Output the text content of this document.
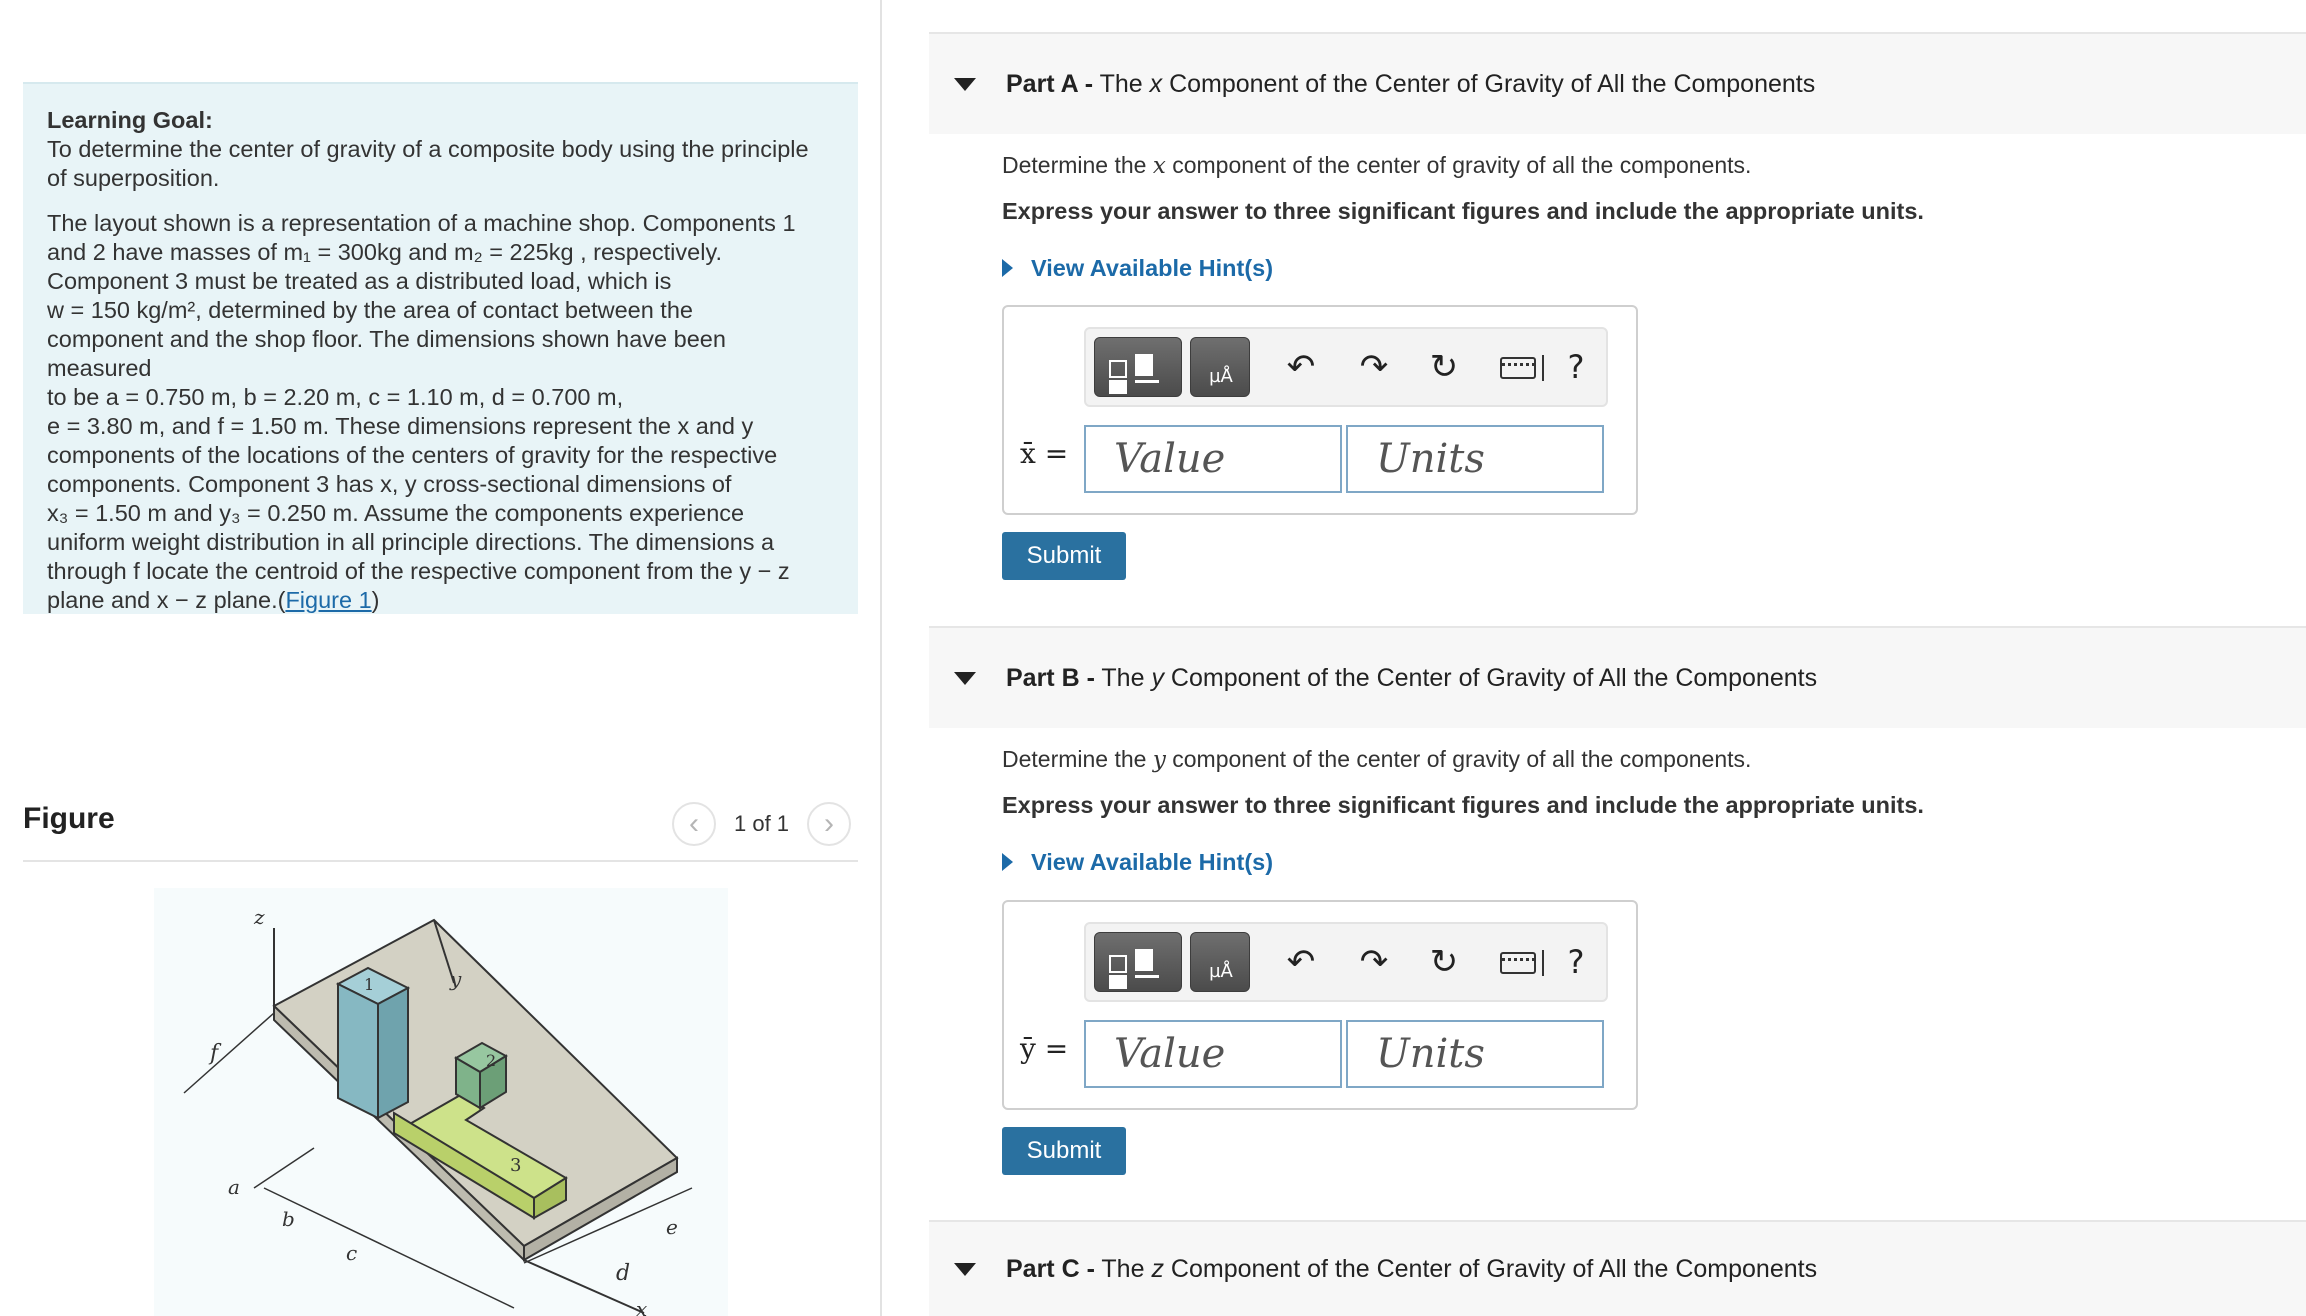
Learning Goal:
To determine the center of gravity of a composite body using the principle of superposition.
The layout shown is a representation of a machine shop. Components 1
and 2 have masses of m₁ = 300kg and m₂ = 225kg , respectively.
Component 3 must be treated as a distributed load, which is
w = 150 kg/m², determined by the area of contact between the
component and the shop floor. The dimensions shown have been measured
to be a = 0.750 m, b = 2.20 m, c = 1.10 m, d = 0.700 m,
e = 3.80 m, and f = 1.50 m. These dimensions represent the x and y
components of the locations of the centers of gravity for the respective
components. Component 3 has x, y cross-sectional dimensions of
x₃ = 1.50 m and y₃ = 0.250 m. Assume the components experience
uniform weight distribution in all principle directions. The dimensions a
through f locate the centroid of the respective component from the y − z
plane and x − z plane.(Figure 1)
Figure	‹ 1 of 1 ›
z
y
x
f
a
b
c
d
e
1
2
3
Part A - The x Component of the Center of Gravity of All the Components
Determine the x component of the center of gravity of all the components.
Express your answer to three significant figures and include the appropriate units.
View Available Hint(s)
µÅ	↶ ↷ ↻	?
x̄ =
Value
Units
Submit
Part B - The y Component of the Center of Gravity of All the Components
Determine the y component of the center of gravity of all the components.
Express your answer to three significant figures and include the appropriate units.
View Available Hint(s)
µÅ	↶ ↷ ↻	?
ȳ =
Value
Units
Submit
Part C - The z Component of the Center of Gravity of All the Components
